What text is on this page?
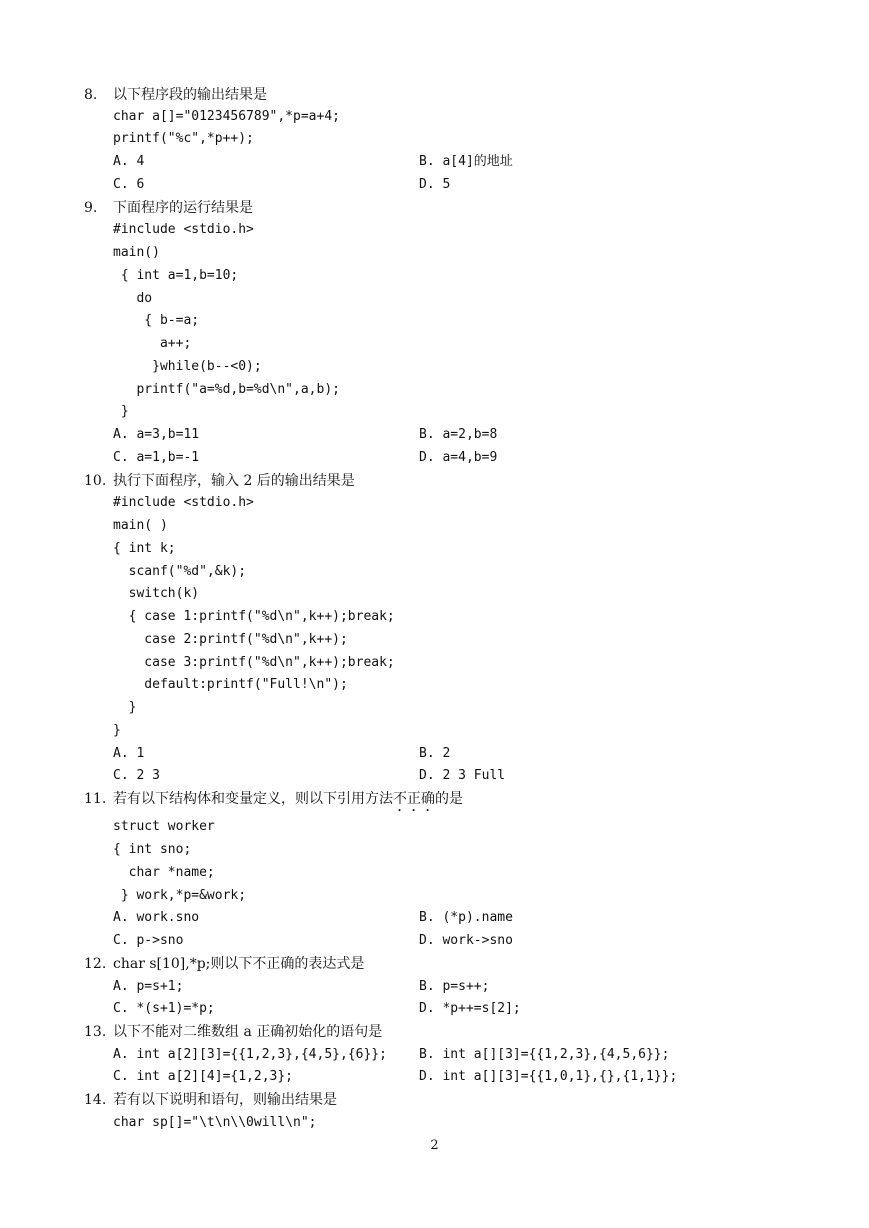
8. 以下程序段的输出结果是
char a[]="0123456789",*p=a+4;
printf("%c",*p++);
A. 4	B. a[4]的地址
C. 6	D. 5
9. 下面程序的运行结果是
#include <stdio.h>
main()
{ int a=1,b=10;
do
{ b-=a;
a++;
}while(b--<0);
printf("a=%d,b=%d\n",a,b);
}
A. a=3,b=11	B. a=2,b=8
C. a=1,b=-1	D. a=4,b=9
10. 执行下面程序，输入 2 后的输出结果是
#include <stdio.h>
main( )
{ int k;
scanf("%d",&k);
switch(k)
{ case 1:printf("%d\n",k++);break;
case 2:printf("%d\n",k++);
case 3:printf("%d\n",k++);break;
default:printf("Full!\n");
}
}
A. 1	B. 2
C. 2 3	D. 2 3 Full
11. 若有以下结构体和变量定义，则以下引用方法不正确的是
struct worker
{ int sno;
char *name;
} work,*p=&work;
A. work.sno	B. (*p).name
C. p->sno	D. work->sno
12. char s[10],*p;则以下不正确的表达式是
A. p=s+1;	B. p=s++;
C. *(s+1)=*p;	D. *p++=s[2];
13. 以下不能对二维数组 a 正确初始化的语句是
A. int a[2][3]={{1,2,3},{4,5},{6}}; B. int a[][3]={{1,2,3},{4,5,6}};
C. int a[2][4]={1,2,3};	D. int a[][3]={{1,0,1},{},{1,1}};
14. 若有以下说明和语句，则输出结果是
char sp[]="\t\n\\0will\n";
2
